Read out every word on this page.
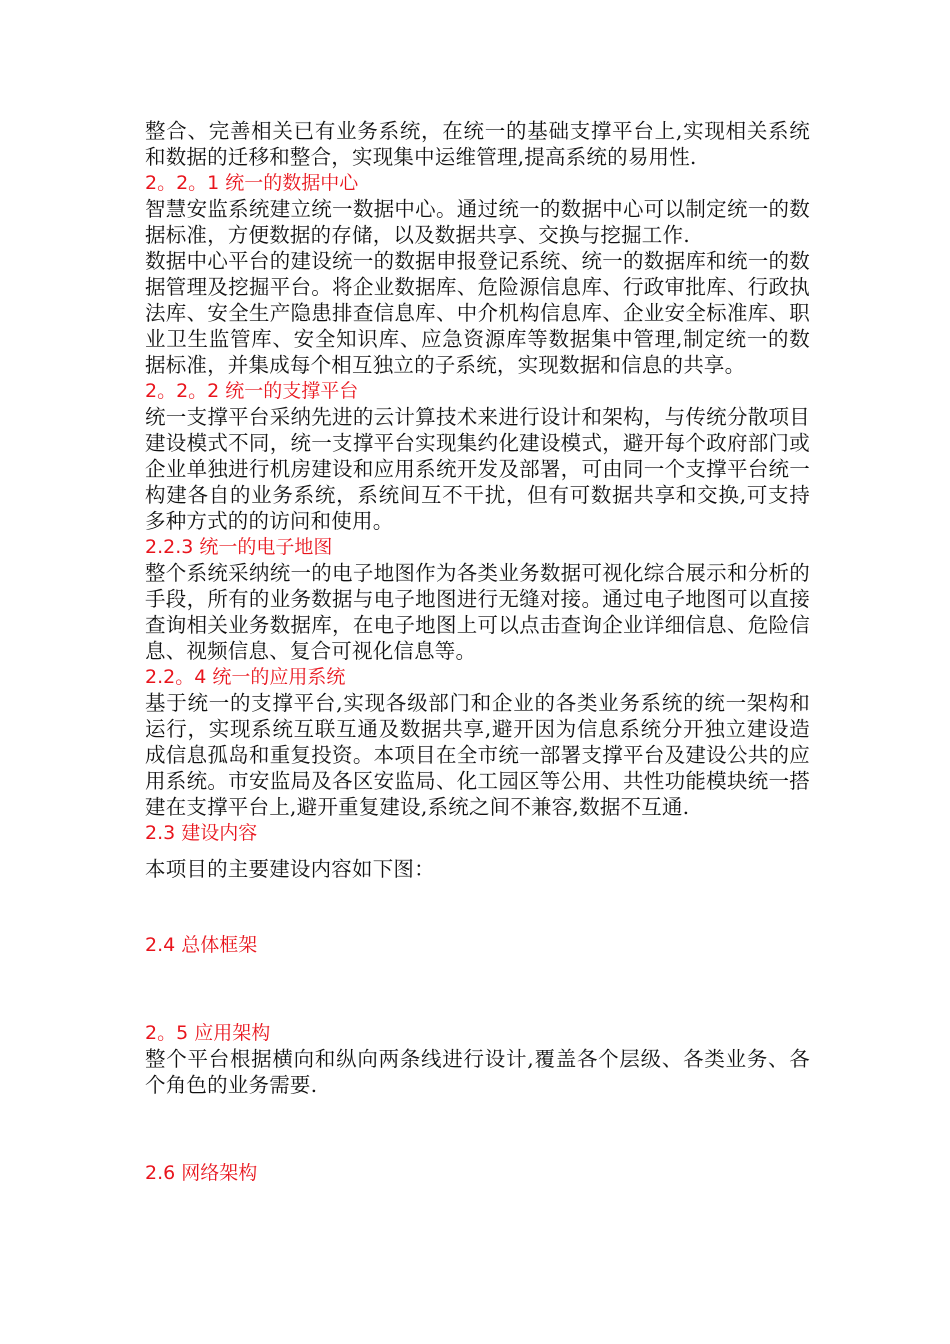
整合、完善相关已有业务系统，在统一的基础支撑平台上,实现相关系统和数据的迁移和整合，实现集中运维管理,提高系统的易用性.

2。2。1 统一的数据中心

智慧安监系统建立统一数据中心。通过统一的数据中心可以制定统一的数据标准，方便数据的存储，以及数据共享、交换与挖掘工作.

数据中心平台的建设统一的数据申报登记系统、统一的数据库和统一的数据管理及挖掘平台。将企业数据库、危险源信息库、行政审批库、行政执法库、安全生产隐患排查信息库、中介机构信息库、企业安全标准库、职业卫生监管库、安全知识库、应急资源库等数据集中管理,制定统一的数据标准，并集成每个相互独立的子系统，实现数据和信息的共享。

2。2。2 统一的支撑平台

统一支撑平台采纳先进的云计算技术来进行设计和架构，与传统分散项目建设模式不同，统一支撑平台实现集约化建设模式，避开每个政府部门或企业单独进行机房建设和应用系统开发及部署，可由同一个支撑平台统一构建各自的业务系统，系统间互不干扰，但有可数据共享和交换,可支持多种方式的的访问和使用。

2.2.3 统一的电子地图

整个系统采纳统一的电子地图作为各类业务数据可视化综合展示和分析的手段，所有的业务数据与电子地图进行无缝对接。通过电子地图可以直接查询相关业务数据库，在电子地图上可以点击查询企业详细信息、危险信息、视频信息、复合可视化信息等。

2.2。4 统一的应用系统

基于统一的支撑平台,实现各级部门和企业的各类业务系统的统一架构和运行，实现系统互联互通及数据共享,避开因为信息系统分开独立建设造成信息孤岛和重复投资。本项目在全市统一部署支撑平台及建设公共的应用系统。市安监局及各区安监局、化工园区等公用、共性功能模块统一搭建在支撑平台上,避开重复建设,系统之间不兼容,数据不互通.

2.3 建设内容

本项目的主要建设内容如下图：

2.4 总体框架
2。5 应用架构

整个平台根据横向和纵向两条线进行设计,覆盖各个层级、各类业务、各个角色的业务需要.

2.6 网络架构
